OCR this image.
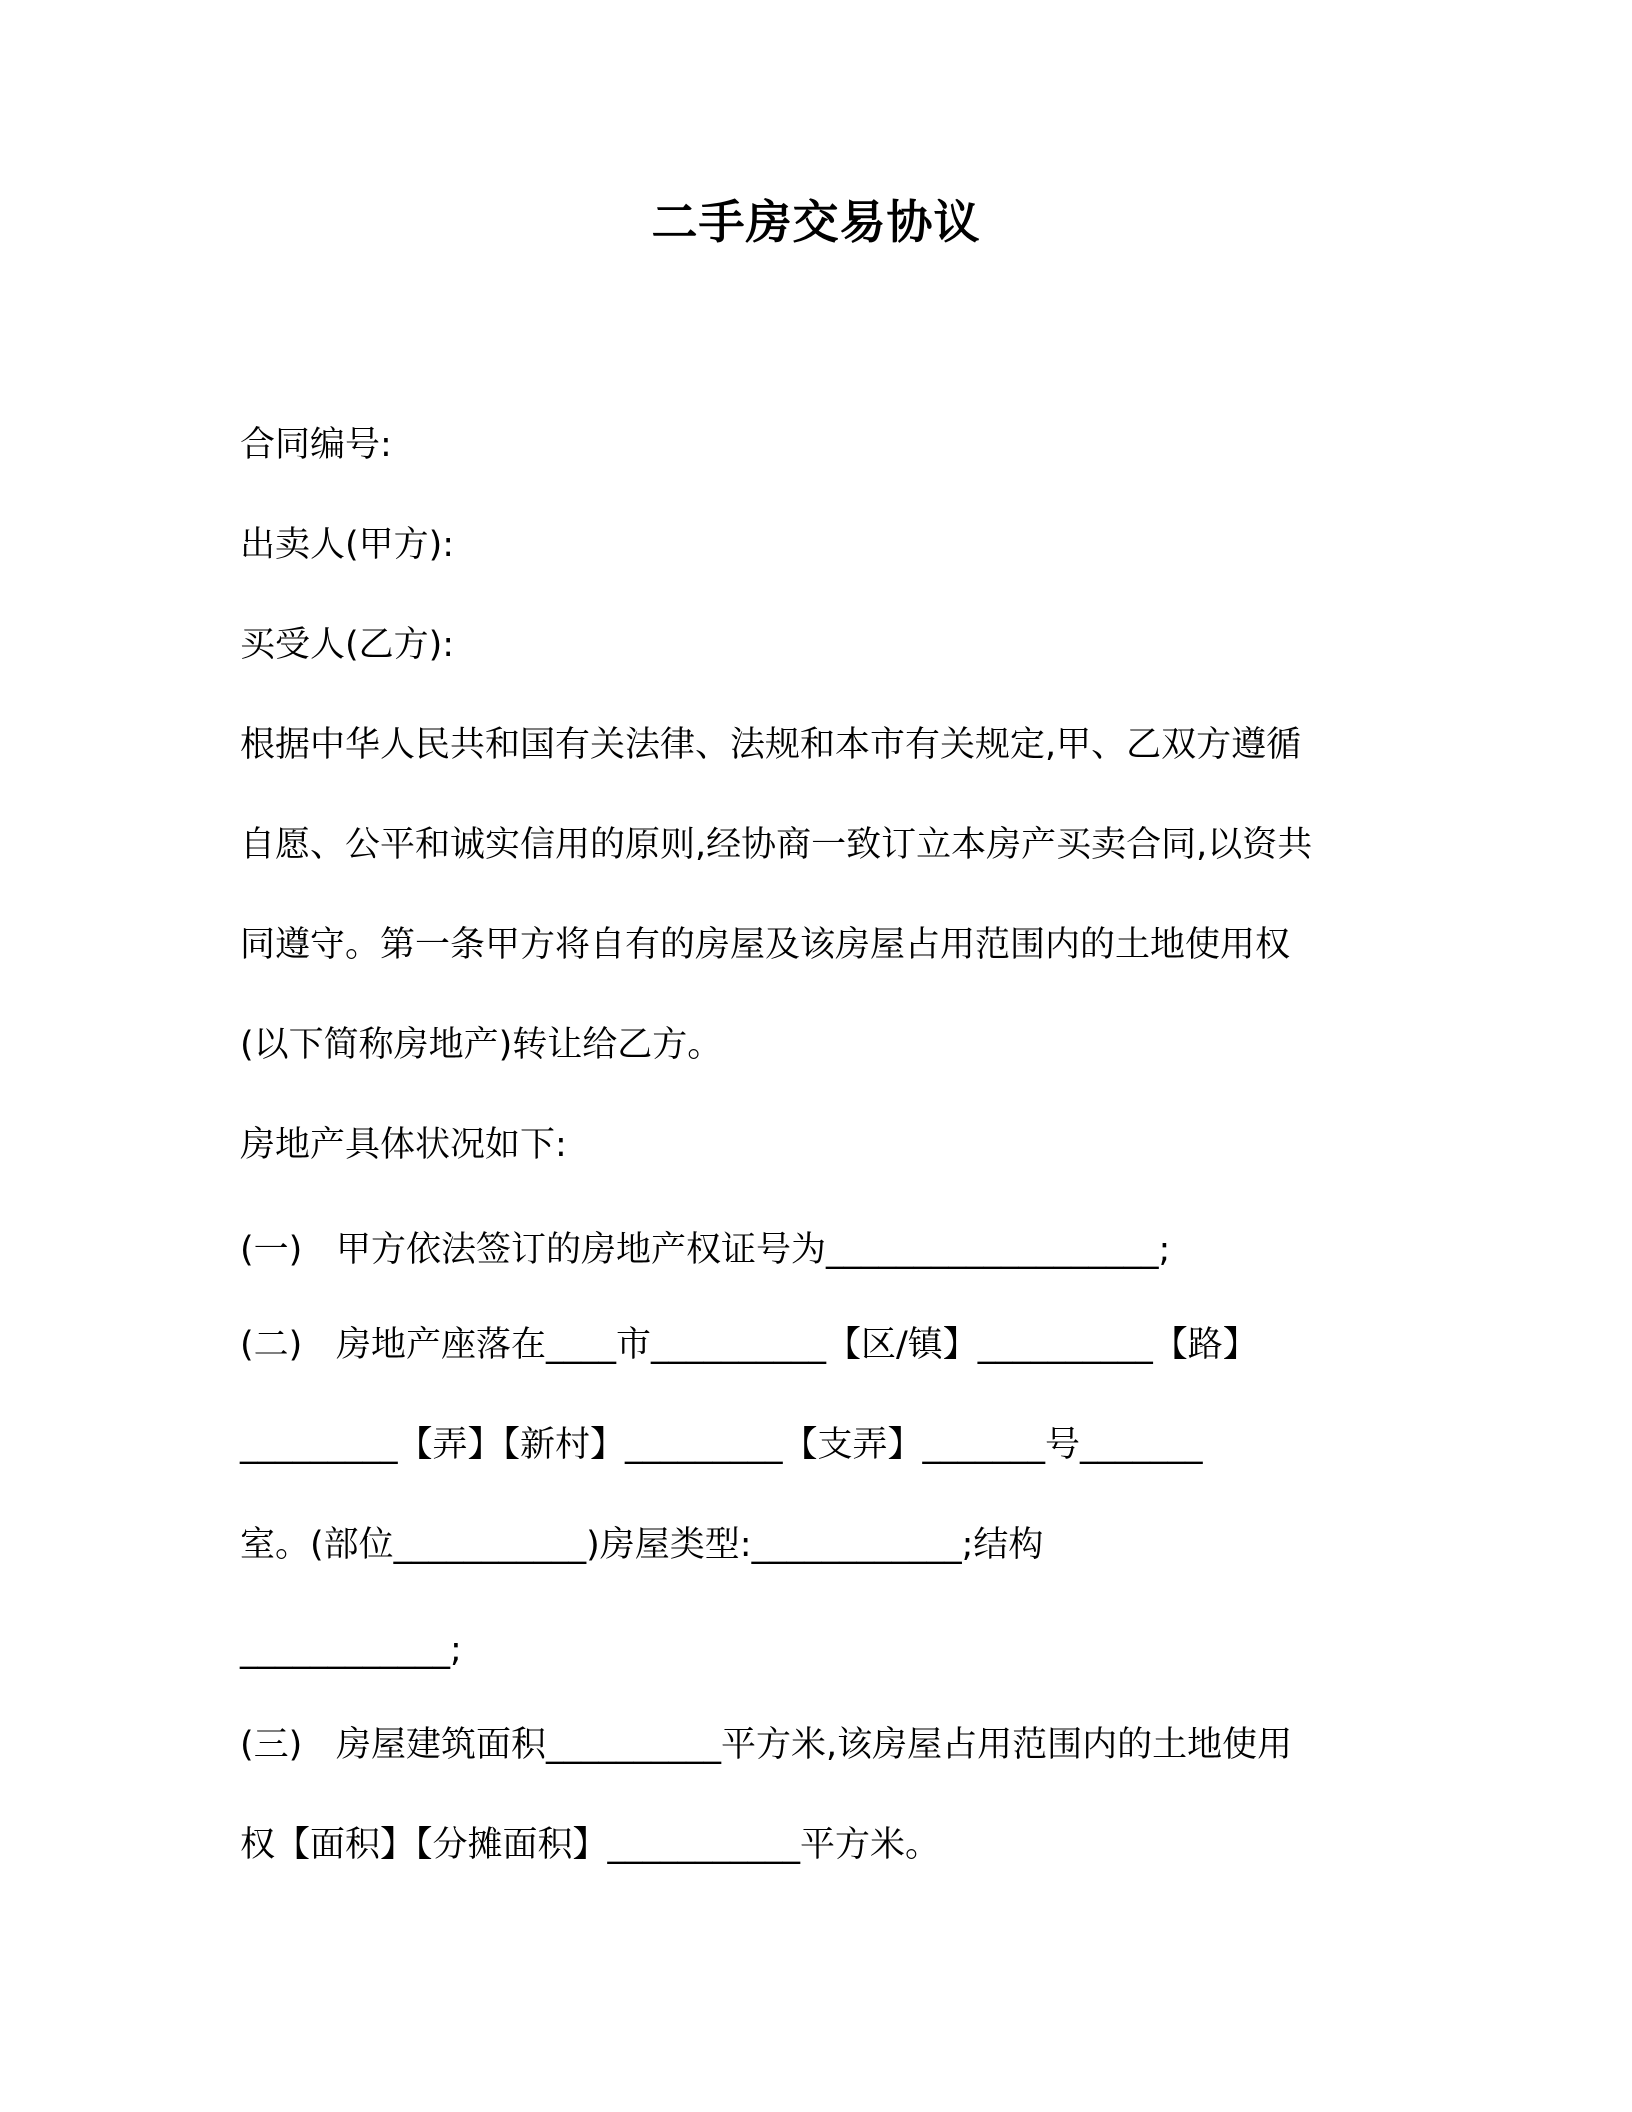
二手房交易协议
合同编号:
出卖人(甲方):
买受人(乙方):
根据中华人民共和国有关法律、法规和本市有关规定,甲、乙双方遵循
自愿、公平和诚实信用的原则,经协商一致订立本房产买卖合同,以资共
同遵守。第一条甲方将自有的房屋及该房屋占用范围内的土地使用权
(以下简称房地产)转让给乙方。
房地产具体状况如下:
(一) 甲方依法签订的房地产权证号为___________________;
(二) 房地产座落在____市__________【区/镇】__________【路】
_________【弄】【新村】_________【支弄】_______号_______
室。(部位___________)房屋类型:____________;结构
____________;
(三) 房屋建筑面积__________平方米,该房屋占用范围内的土地使用
权【面积】【分摊面积】___________平方米。
